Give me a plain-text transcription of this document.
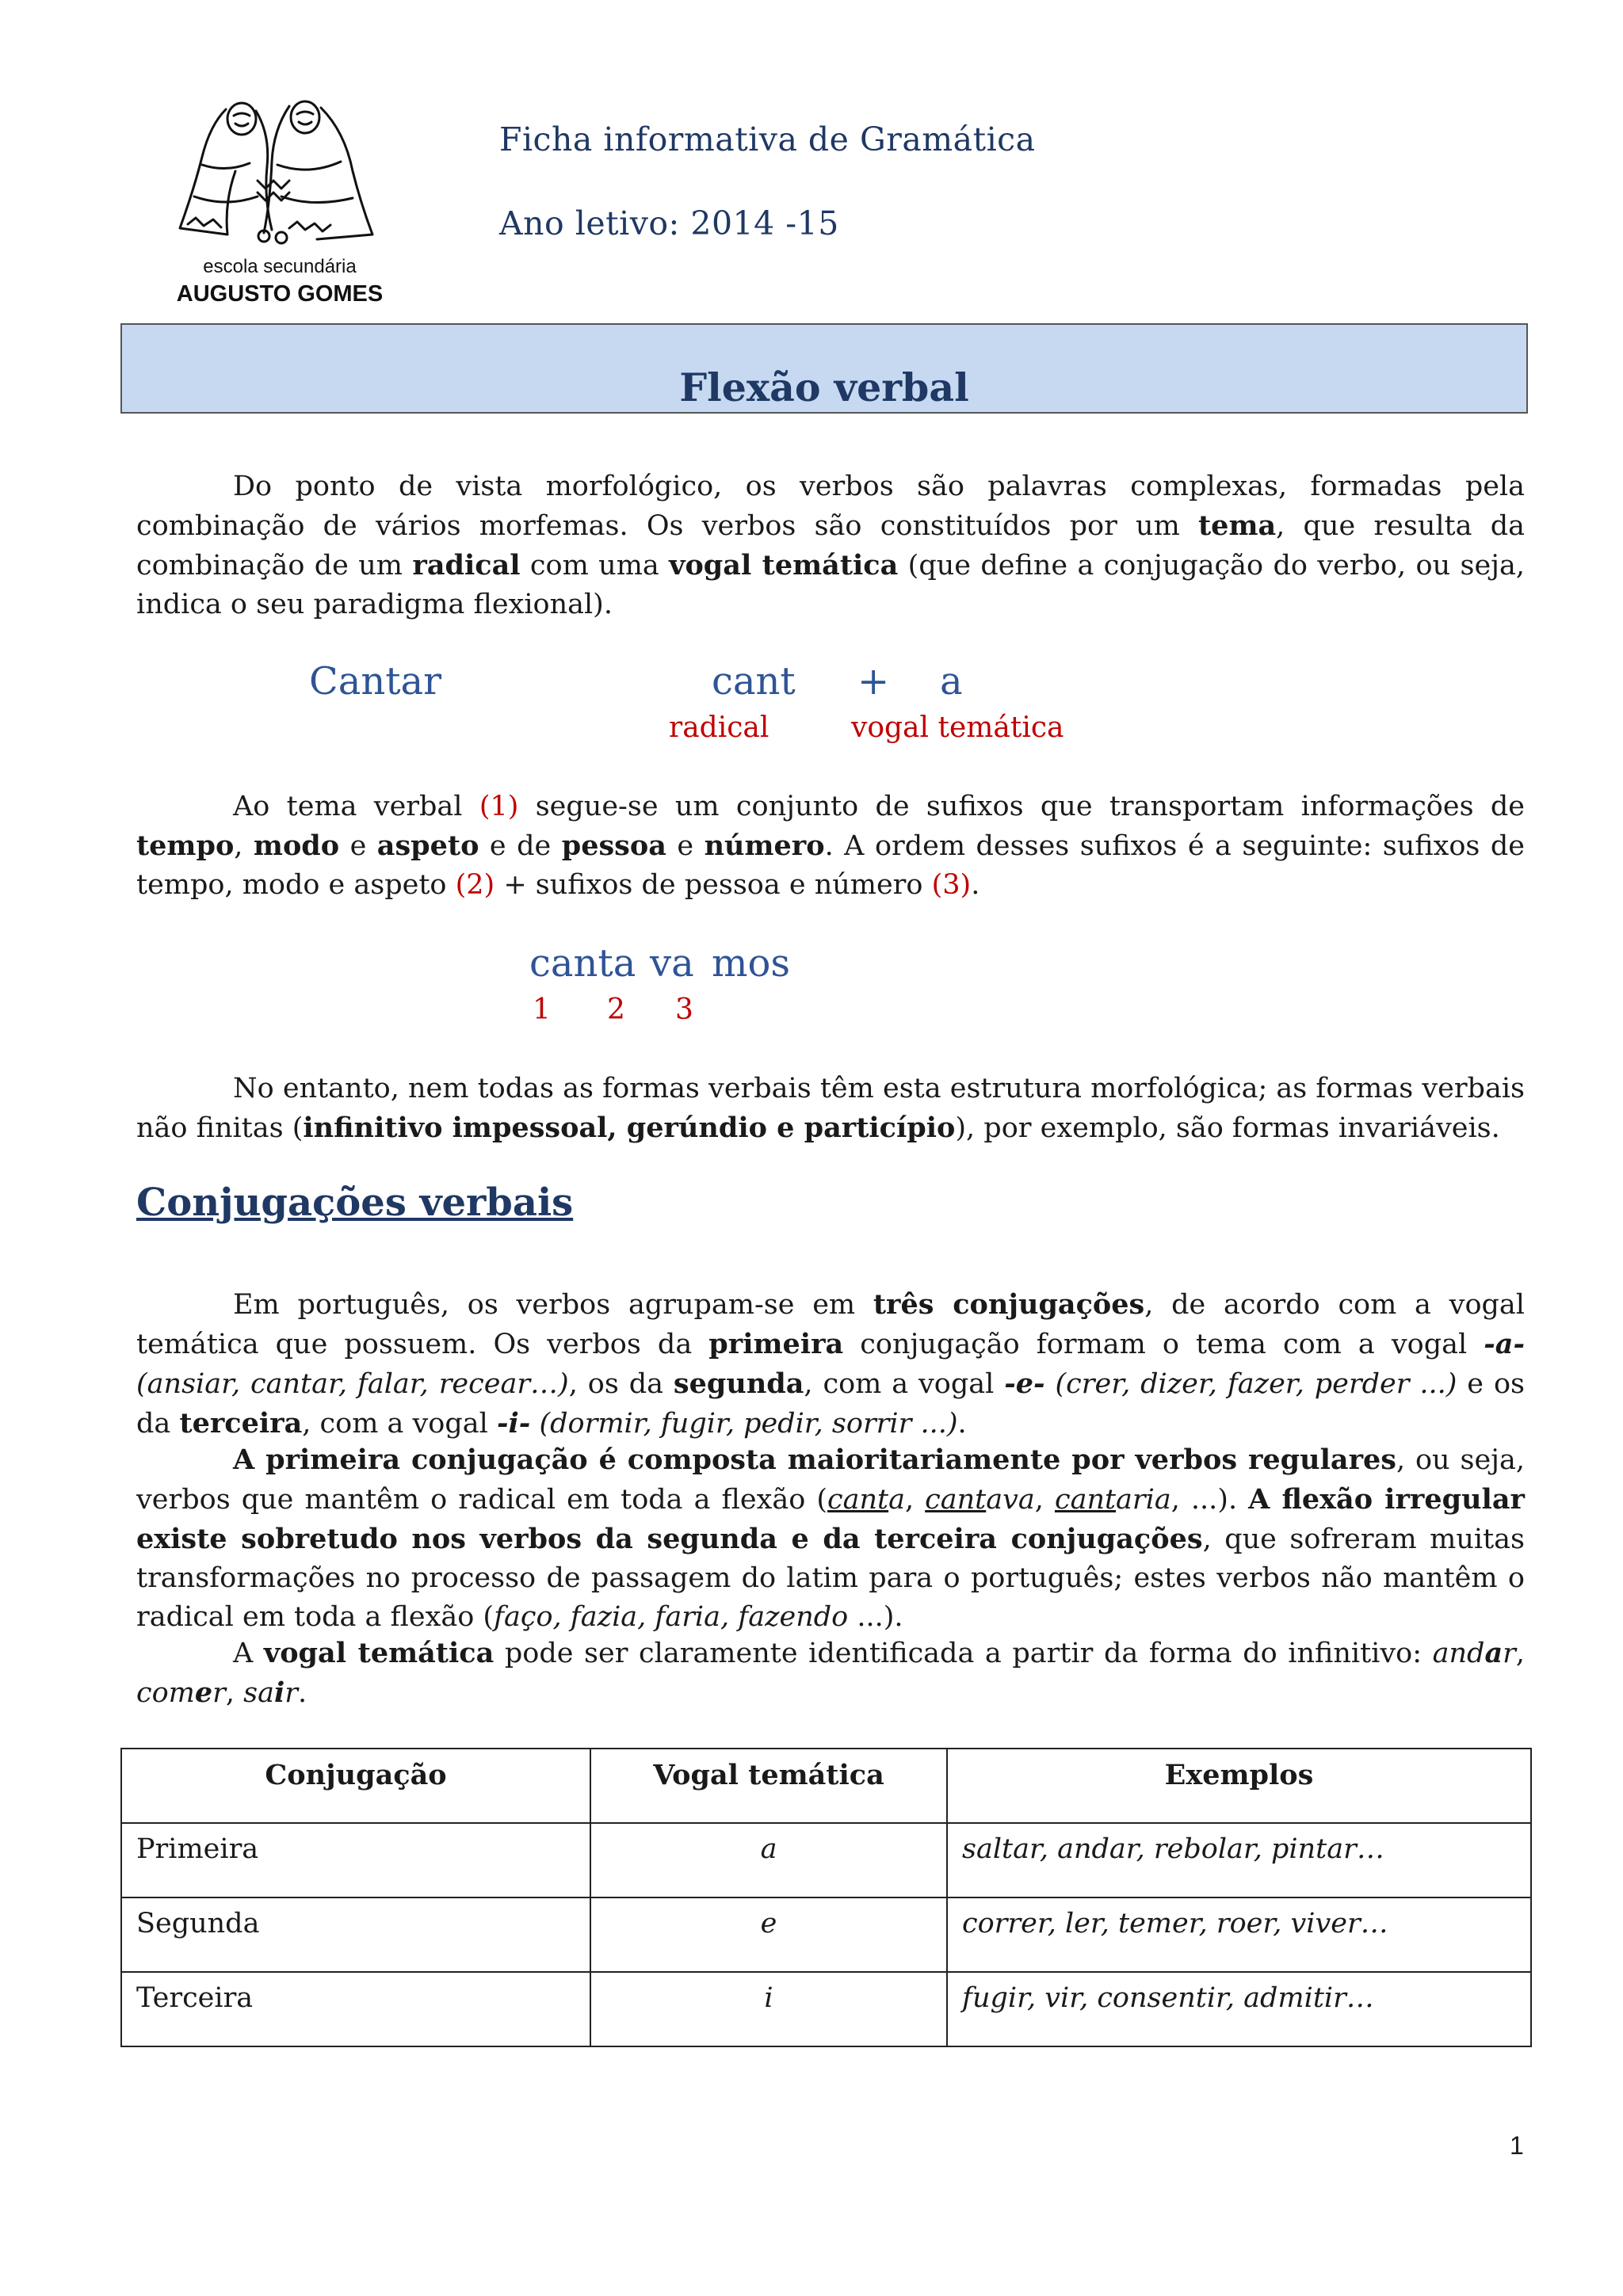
escola secundária
AUGUSTO GOMES
Ficha informativa de Gramática
Ano letivo: 2014 -15
Flexão verbal
Do ponto de vista morfológico, os verbos são palavras complexas, formadas pela combinação de vários morfemas. Os verbos são constituídos por um tema, que resulta da combinação de um radical com uma vogal temática (que define a conjugação do verbo, ou seja, indica o seu paradigma flexional).
Cantar	cant + a
radical	vogal temática
Ao tema verbal (1) segue‐se um conjunto de sufixos que transportam informações de tempo, modo e aspeto e de pessoa e número. A ordem desses sufixos é a seguinte: sufixos de tempo, modo e aspeto (2) + sufixos de pessoa e número (3).
canta va mos
1 2 3
No entanto, nem todas as formas verbais têm esta estrutura morfológica; as formas verbais não finitas (infinitivo impessoal, gerúndio e particípio), por exemplo, são formas invariáveis.
Conjugações verbais
Em português, os verbos agrupam‐se em três conjugações, de acordo com a vogal temática que possuem. Os verbos da primeira conjugação formam o tema com a vogal ‐a‐ (ansiar, cantar, falar, recear…), os da segunda, com a vogal ‐e‐ (crer, dizer, fazer, perder ...) e os da terceira, com a vogal ‐i‐ (dormir, fugir, pedir, sorrir ...).
A primeira conjugação é composta maioritariamente por verbos regulares, ou seja, verbos que mantêm o radical em toda a flexão (canta, cantava, cantaria, ...). A flexão irregular existe sobretudo nos verbos da segunda e da terceira conjugações, que sofreram muitas transformações no processo de passagem do latim para o português; estes verbos não mantêm o radical em toda a flexão (faço, fazia, faria, fazendo ...).
A vogal temática pode ser claramente identificada a partir da forma do infinitivo: andar, comer, sair.
Conjugação	Vogal temática	Exemplos
Primeira	a	saltar, andar, rebolar, pintar…
Segunda	e	correr, ler, temer, roer, viver…
Terceira	i	fugir, vir, consentir, admitir…
1
